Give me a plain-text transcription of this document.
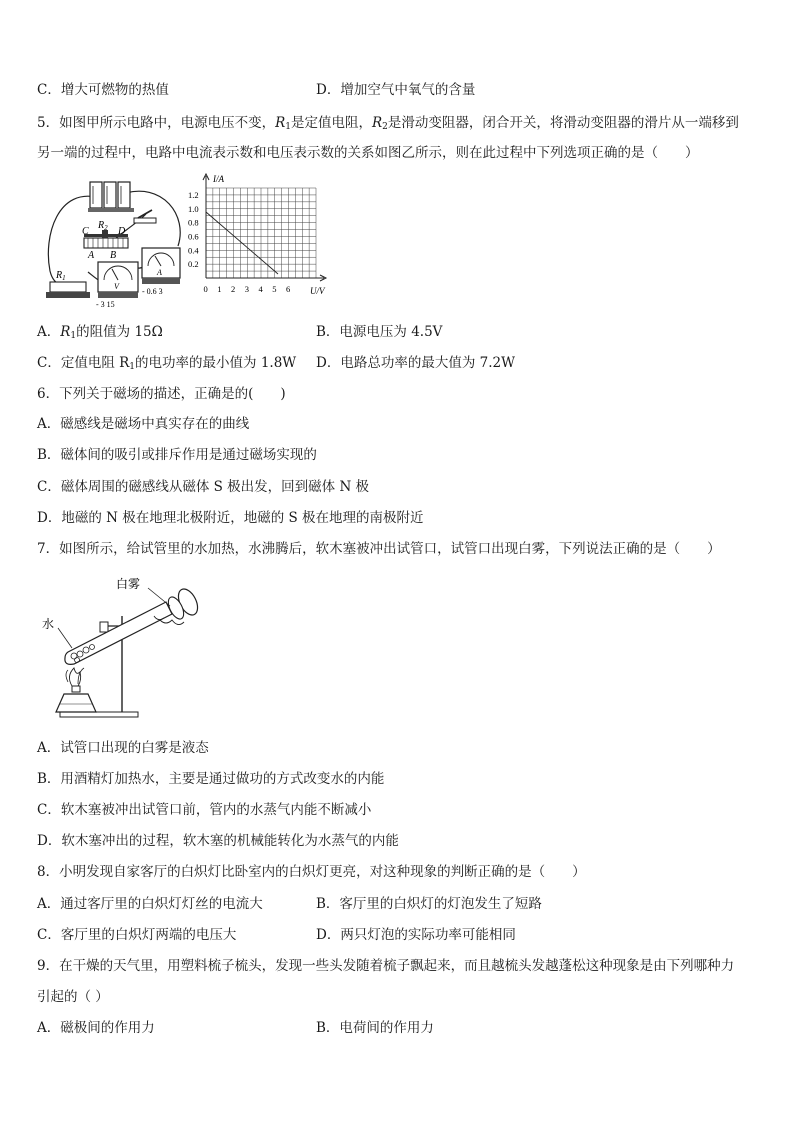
C．增大可燃物的热值	D．增加空气中氧气的含量
5．如图甲所示电路中，电源电压不变，$R_1$是定值电阻，$R_2$是滑动变阻器，闭合开关，将滑动变阻器的滑片从一端移到
另一端的过程中，电路中电流表示数和电压表示数的关系如图乙所示，则在此过程中下列选项正确的是（　　）
C
$R_2$ D
A B
$R_1$
V
- 3 15
A
- 0.6 3
I/A
U/V
1.2
1.0
0.8
0.6
0.4
0.2
0 1 2 3 4 5 6
A．$R_1$的阻值为 15Ω	B．电源电压为 4.5V
C．定值电阻 $R_1$的电功率的最小值为 1.8W D．电路总功率的最大值为 7.2W
6．下列关于磁场的描述，正确是的(　　)
A．磁感线是磁场中真实存在的曲线
B．磁体间的吸引或排斥作用是通过磁场实现的
C．磁体周围的磁感线从磁体 S 极出发，回到磁体 N 极
D．地磁的 N 极在地理北极附近，地磁的 S 极在地理的南极附近
7．如图所示，给试管里的水加热，水沸腾后，软木塞被冲出试管口，试管口出现白雾，下列说法正确的是（　　）
白雾
水
A．试管口出现的白雾是液态
B．用酒精灯加热水，主要是通过做功的方式改变水的内能
C．软木塞被冲出试管口前，管内的水蒸气内能不断减小
D．软木塞冲出的过程，软木塞的机械能转化为水蒸气的内能
8．小明发现自家客厅的白炽灯比卧室内的白炽灯更亮，对这种现象的判断正确的是（　　）
A．通过客厅里的白炽灯灯丝的电流大	B．客厅里的白炽灯的灯泡发生了短路
C．客厅里的白炽灯两端的电压大	D．两只灯泡的实际功率可能相同
9．在干燥的天气里，用塑料梳子梳头，发现一些头发随着梳子飘起来，而且越梳头发越蓬松这种现象是由下列哪种力
引起的（ ）
A．磁极间的作用力	B．电荷间的作用力
